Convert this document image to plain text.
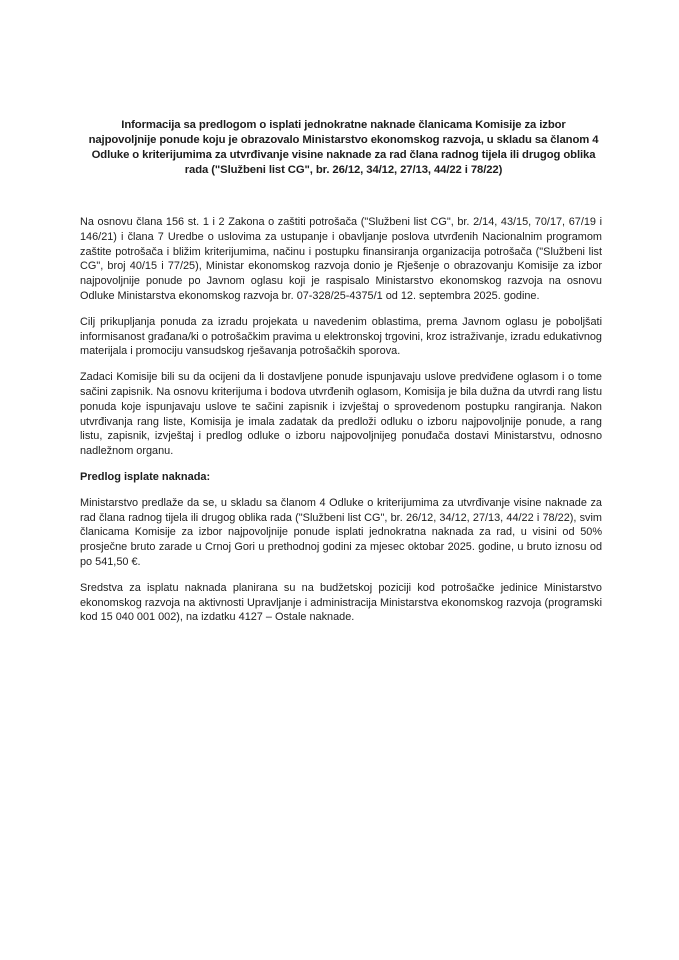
Informacija sa predlogom o isplati jednokratne naknade članicama Komisije za izbor najpovoljnije ponude koju je obrazovalo Ministarstvo ekonomskog razvoja, u skladu sa članom 4 Odluke o kriterijumima za utvrđivanje visine naknade za rad člana radnog tijela ili drugog oblika rada ("Službeni list CG", br. 26/12, 34/12, 27/13, 44/22 i 78/22)

Na osnovu člana 156 st. 1 i 2 Zakona o zaštiti potrošača ("Službeni list CG", br. 2/14, 43/15, 70/17, 67/19 i 146/21) i člana 7 Uredbe o uslovima za ustupanje i obavljanje poslova utvrđenih Nacionalnim programom zaštite potrošača i bližim kriterijumima, načinu i postupku finansiranja organizacija potrošača ("Službeni list CG", broj 40/15 i 77/25), Ministar ekonomskog razvoja donio je Rješenje o obrazovanju Komisije za izbor najpovoljnije ponude po Javnom oglasu koji je raspisalo Ministarstvo ekonomskog razvoja na osnovu Odluke Ministarstva ekonomskog razvoja br. 07-328/25-4375/1 od 12. septembra 2025. godine.

Cilj prikupljanja ponuda za izradu projekata u navedenim oblastima, prema Javnom oglasu je poboljšati informisanost građana/ki o potrošačkim pravima u elektronskoj trgovini, kroz istraživanje, izradu edukativnog materijala i promociju vansudskog rješavanja potrošačkih sporova.

Zadaci Komisije bili su da ocijeni da li dostavljene ponude ispunjavaju uslove predviđene oglasom i o tome sačini zapisnik. Na osnovu kriterijuma i bodova utvrđenih oglasom, Komisija je bila dužna da utvrdi rang listu ponuda koje ispunjavaju uslove te sačini zapisnik i izvještaj o sprovedenom postupku rangiranja. Nakon utvrđivanja rang liste, Komisija je imala zadatak da predloži odluku o izboru najpovoljnije ponude, a rang listu, zapisnik, izvještaj i predlog odluke o izboru najpovoljnijeg ponuđača dostavi Ministarstvu, odnosno nadležnom organu.

Predlog isplate naknada:

Ministarstvo predlaže da se, u skladu sa članom 4 Odluke o kriterijumima za utvrđivanje visine naknade za rad člana radnog tijela ili drugog oblika rada ("Službeni list CG", br. 26/12, 34/12, 27/13, 44/22 i 78/22), svim članicama Komisije za izbor najpovoljnije ponude isplati jednokratna naknada za rad, u visini od 50% prosječne bruto zarade u Crnoj Gori u prethodnoj godini za mjesec oktobar 2025. godine, u bruto iznosu od po 541,50 €.

Sredstva za isplatu naknada planirana su na budžetskoj poziciji kod potrošačke jedinice Ministarstvo ekonomskog razvoja na aktivnosti Upravljanje i administracija Ministarstva ekonomskog razvoja (programski kod 15 040 001 002), na izdatku 4127 – Ostale naknade.
